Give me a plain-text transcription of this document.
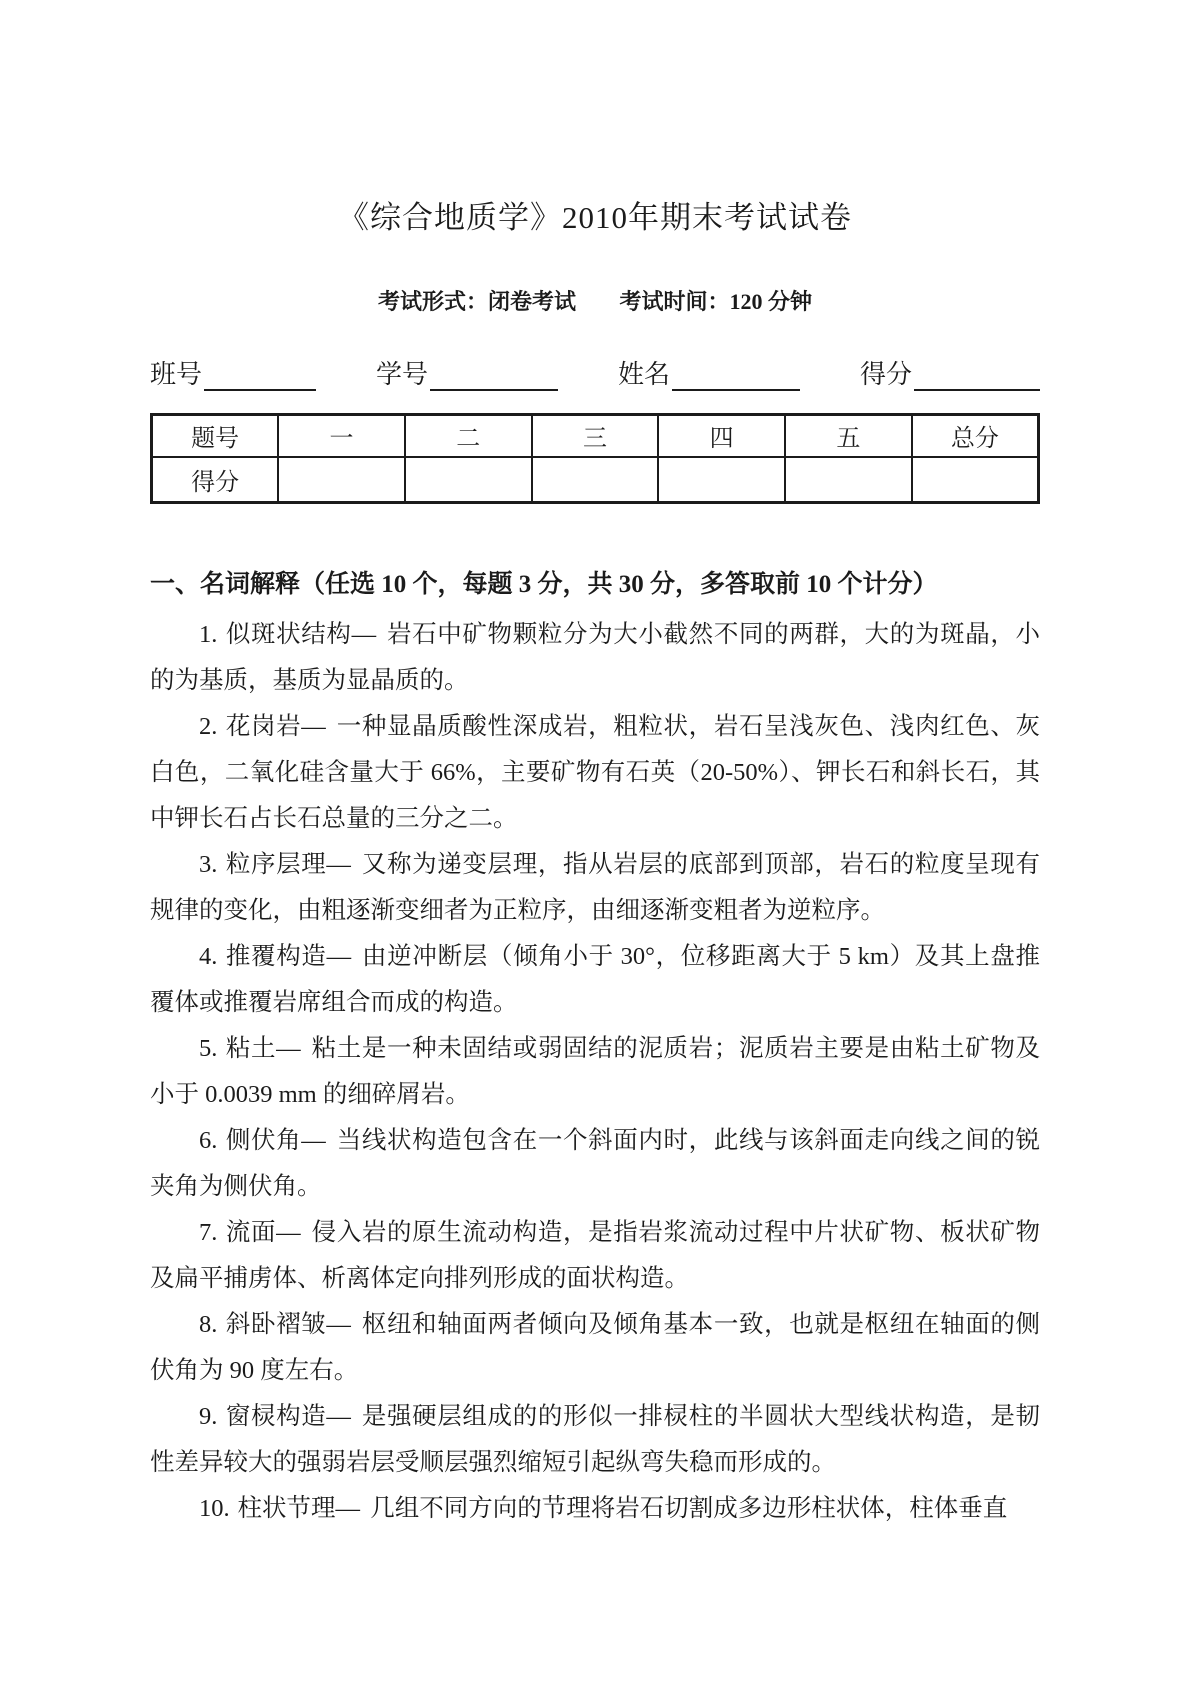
《综合地质学》2010年期末考试试卷
考试形式：闭卷考试 考试时间：120 分钟
班号	学号	姓名	得分
题号	一	二	三	四	五	总分
得分						
一、名词解释（任选 10 个，每题 3 分，共 30 分，多答取前 10 个计分）

1. 似斑状结构— 岩石中矿物颗粒分为大小截然不同的两群，大的为斑晶，小的为基质，基质为显晶质的。

2. 花岗岩— 一种显晶质酸性深成岩，粗粒状，岩石呈浅灰色、浅肉红色、灰白色，二氧化硅含量大于 66%，主要矿物有石英（20-50%）、钾长石和斜长石，其中钾长石占长石总量的三分之二。

3. 粒序层理— 又称为递变层理，指从岩层的底部到顶部，岩石的粒度呈现有规律的变化，由粗逐渐变细者为正粒序，由细逐渐变粗者为逆粒序。

4. 推覆构造— 由逆冲断层（倾角小于 30°，位移距离大于 5 km）及其上盘推覆体或推覆岩席组合而成的构造。

5. 粘土— 粘土是一种未固结或弱固结的泥质岩；泥质岩主要是由粘土矿物及小于 0.0039 mm 的细碎屑岩。

6. 侧伏角— 当线状构造包含在一个斜面内时，此线与该斜面走向线之间的锐夹角为侧伏角。

7. 流面— 侵入岩的原生流动构造，是指岩浆流动过程中片状矿物、板状矿物及扁平捕虏体、析离体定向排列形成的面状构造。

8. 斜卧褶皱— 枢纽和轴面两者倾向及倾角基本一致，也就是枢纽在轴面的侧伏角为 90 度左右。

9. 窗棂构造— 是强硬层组成的的形似一排棂柱的半圆状大型线状构造，是韧性差异较大的强弱岩层受顺层强烈缩短引起纵弯失稳而形成的。

10. 柱状节理— 几组不同方向的节理将岩石切割成多边形柱状体，柱体垂直
